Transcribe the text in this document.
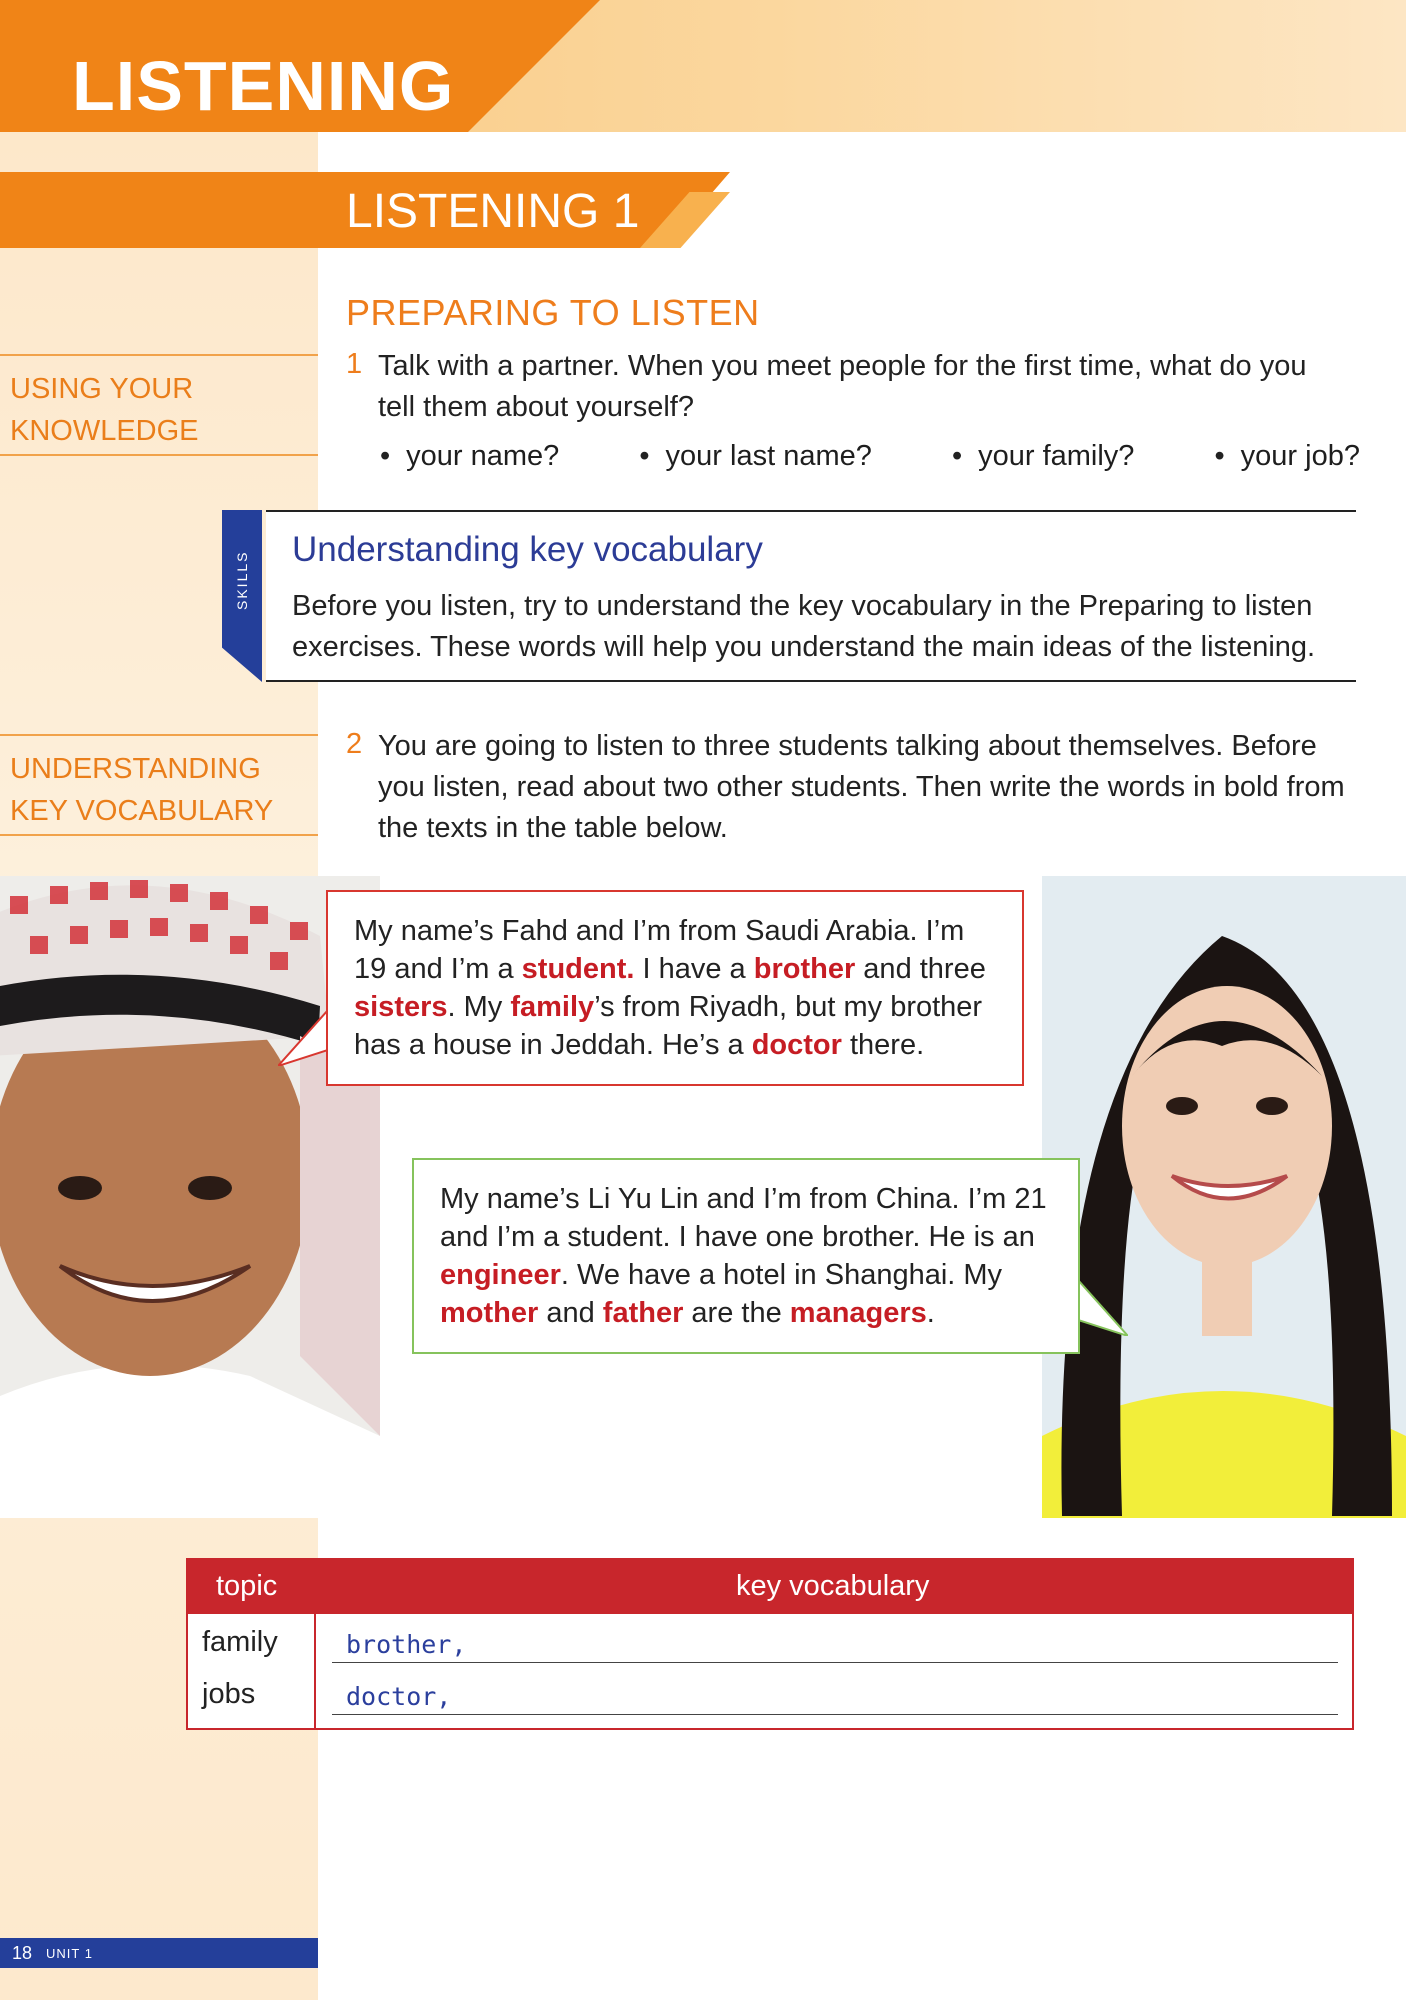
LISTENING
LISTENING 1
PREPARING TO LISTEN
USING YOUR
KNOWLEDGE
1 Talk with a partner. When you meet people for the first time, what do you tell them about yourself?
• your name?	• your last name?	• your family?	• your job?
SKILLS
Understanding key vocabulary
Before you listen, try to understand the key vocabulary in the Preparing to listen exercises. These words will help you understand the main ideas of the listening.
UNDERSTANDING
KEY VOCABULARY
2 You are going to listen to three students talking about themselves. Before you listen, read about two other students. Then write the words in bold from the texts in the table below.
My name’s Fahd and I’m from Saudi Arabia. I’m 19 and I’m a student. I have a brother and three sisters. My family’s from Riyadh, but my brother has a house in Jeddah. He’s a doctor there.
My name’s Li Yu Lin and I’m from China. I’m 21 and I’m a student. I have one brother. He is an engineer. We have a hotel in Shanghai. My mother and father are the managers.
topic	key vocabulary
family	brother,
jobs	doctor,
18 UNIT 1
